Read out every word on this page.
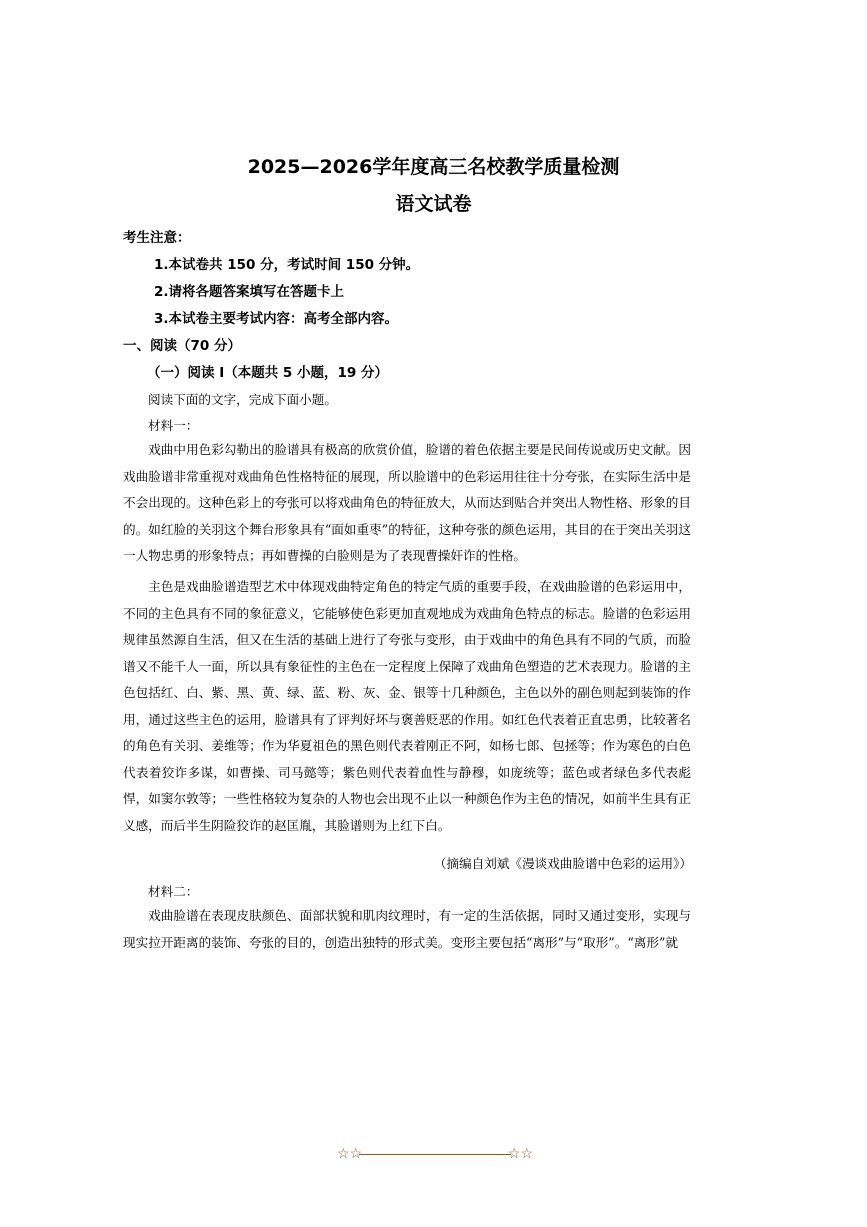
2025—2026学年度高三名校教学质量检测
语文试卷
考生注意：
1.本试卷共 150 分，考试时间 150 分钟。
2.请将各题答案填写在答题卡上
3.本试卷主要考试内容：高考全部内容。
一、阅读（70 分）
（一）阅读 I（本题共 5 小题，19 分）
阅读下面的文字，完成下面小题。
材料一：
戏曲中用色彩勾勒出的脸谱具有极高的欣赏价值，脸谱的着色依据主要是民间传说或历史文献。因戏曲脸谱非常重视对戏曲角色性格特征的展现，所以脸谱中的色彩运用往往十分夸张，在实际生活中是不会出现的。这种色彩上的夸张可以将戏曲角色的特征放大，从而达到贴合并突出人物性格、形象的目的。如红脸的关羽这个舞台形象具有“面如重枣”的特征，这种夸张的颜色运用，其目的在于突出关羽这一人物忠勇的形象特点；再如曹操的白脸则是为了表现曹操奸诈的性格。
主色是戏曲脸谱造型艺术中体现戏曲特定角色的特定气质的重要手段，在戏曲脸谱的色彩运用中，不同的主色具有不同的象征意义，它能够使色彩更加直观地成为戏曲角色特点的标志。脸谱的色彩运用规律虽然源自生活，但又在生活的基础上进行了夸张与变形，由于戏曲中的角色具有不同的气质，而脸谱又不能千人一面，所以具有象征性的主色在一定程度上保障了戏曲角色塑造的艺术表现力。脸谱的主色包括红、白、紫、黑、黄、绿、蓝、粉、灰、金、银等十几种颜色，主色以外的副色则起到装饰的作用，通过这些主色的运用，脸谱具有了评判好坏与褒善贬恶的作用。如红色代表着正直忠勇，比较著名的角色有关羽、姜维等；作为华夏祖色的黑色则代表着刚正不阿，如杨七郎、包拯等；作为寒色的白色代表着狡诈多谋，如曹操、司马懿等；紫色则代表着血性与静穆，如庞统等；蓝色或者绿色多代表彪悍，如窦尔敦等；一些性格较为复杂的人物也会出现不止以一种颜色作为主色的情况，如前半生具有正义感，而后半生阴险狡诈的赵匡胤，其脸谱则为上红下白。
（摘编自刘斌《漫谈戏曲脸谱中色彩的运用》）
材料二：
戏曲脸谱在表现皮肤颜色、面部状貌和肌肉纹理时，有一定的生活依据，同时又通过变形，实现与现实拉开距离的装饰、夸张的目的，创造出独特的形式美。变形主要包括“离形”与“取形”。“离形”就
☆☆	☆☆
